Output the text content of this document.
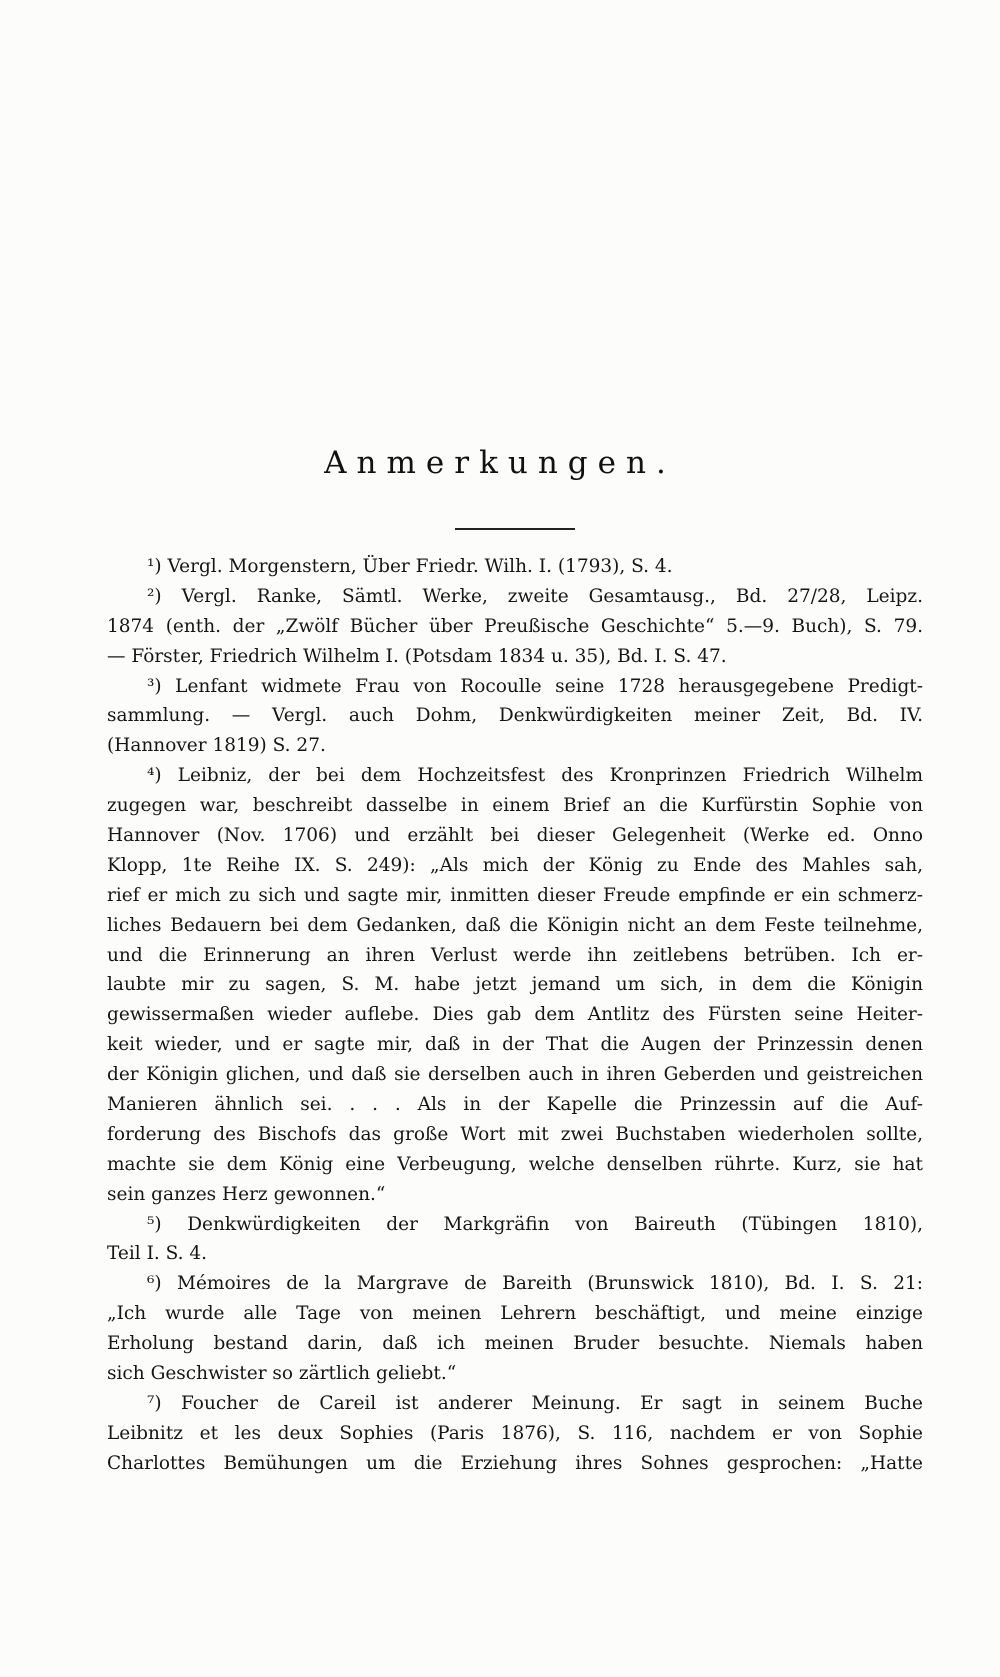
Anmerkungen.
¹) Vergl. Morgenstern, Über Friedr. Wilh. I. (1793), S. 4.
²) Vergl. Ranke, Sämtl. Werke, zweite Gesamtausg., Bd. 27/28, Leipz.
1874 (enth. der „Zwölf Bücher über Preußische Geschichte“ 5.—9. Buch), S. 79.
— Förster, Friedrich Wilhelm I. (Potsdam 1834 u. 35), Bd. I. S. 47.
³) Lenfant widmete Frau von Rocoulle seine 1728 herausgegebene Predigt-
sammlung. — Vergl. auch Dohm, Denkwürdigkeiten meiner Zeit, Bd. IV.
(Hannover 1819) S. 27.
⁴) Leibniz, der bei dem Hochzeitsfest des Kronprinzen Friedrich Wilhelm
zugegen war, beschreibt dasselbe in einem Brief an die Kurfürstin Sophie von
Hannover (Nov. 1706) und erzählt bei dieser Gelegenheit (Werke ed. Onno
Klopp, 1te Reihe IX. S. 249): „Als mich der König zu Ende des Mahles sah,
rief er mich zu sich und sagte mir, inmitten dieser Freude empfinde er ein schmerz-
liches Bedauern bei dem Gedanken, daß die Königin nicht an dem Feste teilnehme,
und die Erinnerung an ihren Verlust werde ihn zeitlebens betrüben. Ich er-
laubte mir zu sagen, S. M. habe jetzt jemand um sich, in dem die Königin
gewissermaßen wieder auflebe. Dies gab dem Antlitz des Fürsten seine Heiter-
keit wieder, und er sagte mir, daß in der That die Augen der Prinzessin denen
der Königin glichen, und daß sie derselben auch in ihren Geberden und geistreichen
Manieren ähnlich sei. . . . Als in der Kapelle die Prinzessin auf die Auf-
forderung des Bischofs das große Wort mit zwei Buchstaben wiederholen sollte,
machte sie dem König eine Verbeugung, welche denselben rührte. Kurz, sie hat
sein ganzes Herz gewonnen.“
⁵) Denkwürdigkeiten der Markgräfin von Baireuth (Tübingen 1810),
Teil I. S. 4.
⁶) Mémoires de la Margrave de Bareith (Brunswick 1810), Bd. I. S. 21:
„Ich wurde alle Tage von meinen Lehrern beschäftigt, und meine einzige
Erholung bestand darin, daß ich meinen Bruder besuchte. Niemals haben
sich Geschwister so zärtlich geliebt.“
⁷) Foucher de Careil ist anderer Meinung. Er sagt in seinem Buche
Leibnitz et les deux Sophies (Paris 1876), S. 116, nachdem er von Sophie
Charlottes Bemühungen um die Erziehung ihres Sohnes gesprochen: „Hatte
